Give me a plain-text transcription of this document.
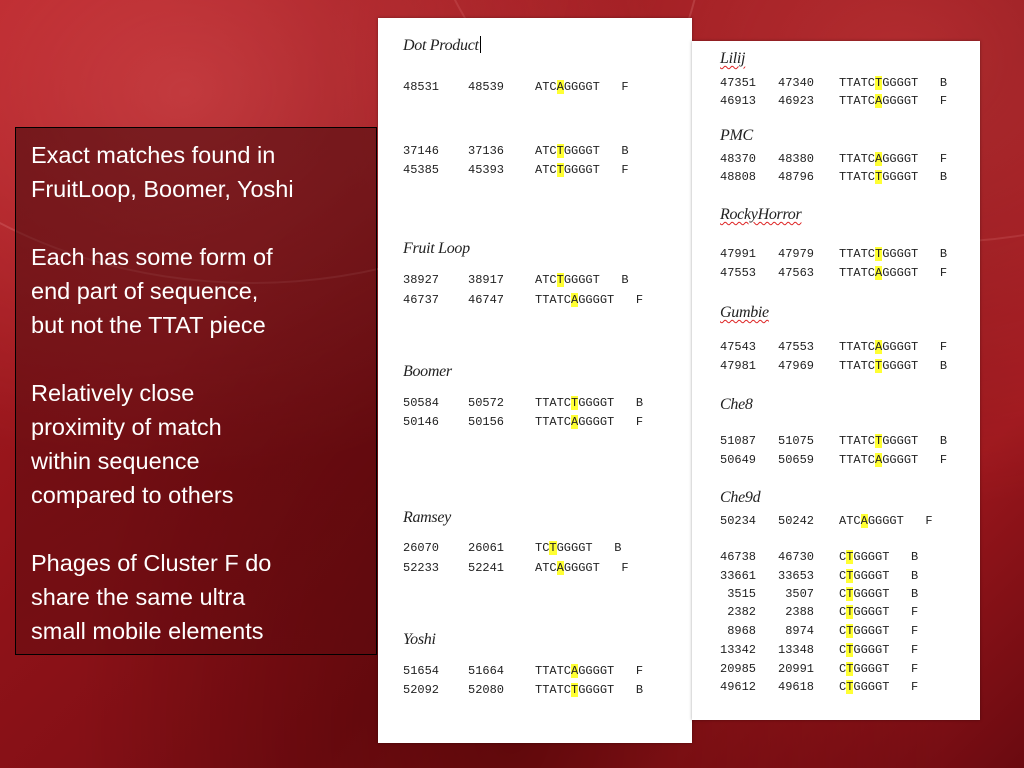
Exact matches found in
FruitLoop, Boomer, Yoshi

Each has some form of
end part of sequence,
but not the TTAT piece

Relatively close
proximity of match
within sequence
compared to others

Phages of Cluster F do
share the same ultra
small mobile elements

Dot Product
48531 48539	ATCAGGGGT   F
37146 37136	ATCTGGGGT   B
45385 45393	ATCTGGGGT   F
Fruit Loop
38927 38917	ATCTGGGGT   B
46737 46747	TTATCAGGGGT   F
Boomer
50584 50572	TTATCTGGGGT   B
50146 50156	TTATCAGGGGT   F
Ramsey
26070 26061	TCTGGGGT   B
52233 52241	ATCAGGGGT   F
Yoshi
51654 51664	TTATCAGGGGT   F
52092 52080	TTATCTGGGGT   B
Lilij
47351 47340 TTATCTGGGGT   B
46913 46923 TTATCAGGGGT   F
PMC
48370 48380 TTATCAGGGGT   F
48808 48796 TTATCTGGGGT   B
RockyHorror
47991 47979 TTATCTGGGGT   B
47553 47563 TTATCAGGGGT   F
Gumbie
47543 47553 TTATCAGGGGT   F
47981 47969 TTATCTGGGGT   B
Che8
51087 51075 TTATCTGGGGT   B
50649 50659 TTATCAGGGGT   F
Che9d
50234 50242 ATCAGGGGT   F
46738 46730 CTGGGGT   B
33661 33653 CTGGGGT   B
3515 3507 CTGGGGT   B
2382 2388 CTGGGGT   F
8968 8974 CTGGGGT   F
13342 13348 CTGGGGT   F
20985 20991 CTGGGGT   F
49612 49618 CTGGGGT   F
